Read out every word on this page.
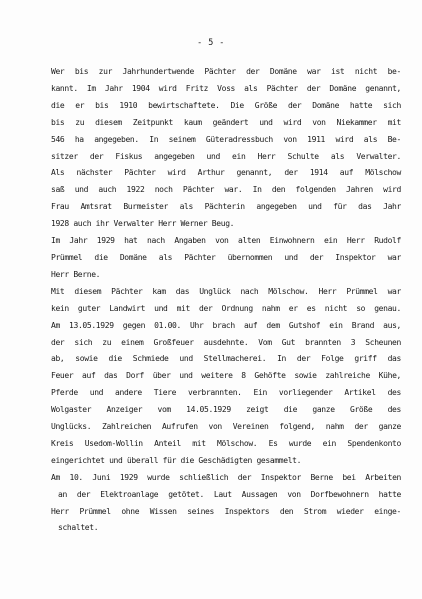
- 5 -
Wer bis zur Jahrhundertwende Pächter der Domäne war ist nicht be-
kannt. Im Jahr 1904 wird Fritz Voss als Pächter der Domäne genannt,
die er bis 1910 bewirtschaftete. Die Größe der Domäne hatte sich
bis zu diesem Zeitpunkt kaum geändert und wird von Niekammer mit
546 ha angegeben. In seinem Güteradressbuch von 1911 wird als Be-
sitzer der Fiskus angegeben und ein Herr Schulte als Verwalter.
Als nächster Pächter wird Arthur genannt, der 1914 auf Mölschow
saß und auch 1922 noch Pächter war. In den folgenden Jahren wird
Frau Amtsrat Burmeister als Pächterin angegeben und für das Jahr
1928 auch ihr Verwalter Herr Werner Beug.
Im Jahr 1929 hat nach Angaben von alten Einwohnern ein Herr Rudolf
Prümmel die Domäne als Pächter übernommen und der Inspektor war
Herr Berne.
Mit diesem Pächter kam das Unglück nach Mölschow. Herr Prümmel war
kein guter Landwirt und mit der Ordnung nahm er es nicht so genau.
Am 13.05.1929 gegen 01.00. Uhr brach auf dem Gutshof ein Brand aus,
der sich zu einem Großfeuer ausdehnte. Vom Gut brannten 3 Scheunen
ab, sowie die Schmiede und Stellmacherei. In der Folge griff das
Feuer auf das Dorf über und weitere 8 Gehöfte sowie zahlreiche Kühe,
Pferde und andere Tiere verbrannten. Ein vorliegender Artikel des
Wolgaster Anzeiger vom 14.05.1929 zeigt die ganze Größe des
Unglücks. Zahlreichen Aufrufen von Vereinen folgend, nahm der ganze
Kreis Usedom-Wollin Anteil mit Mölschow. Es wurde ein Spendenkonto
eingerichtet und überall für die Geschädigten gesammelt.
Am 10. Juni 1929 wurde schließlich der Inspektor Berne bei Arbeiten
an der Elektroanlage getötet. Laut Aussagen von Dorfbewohnern hatte
Herr Prümmel ohne Wissen seines Inspektors den Strom wieder einge-
schaltet.
